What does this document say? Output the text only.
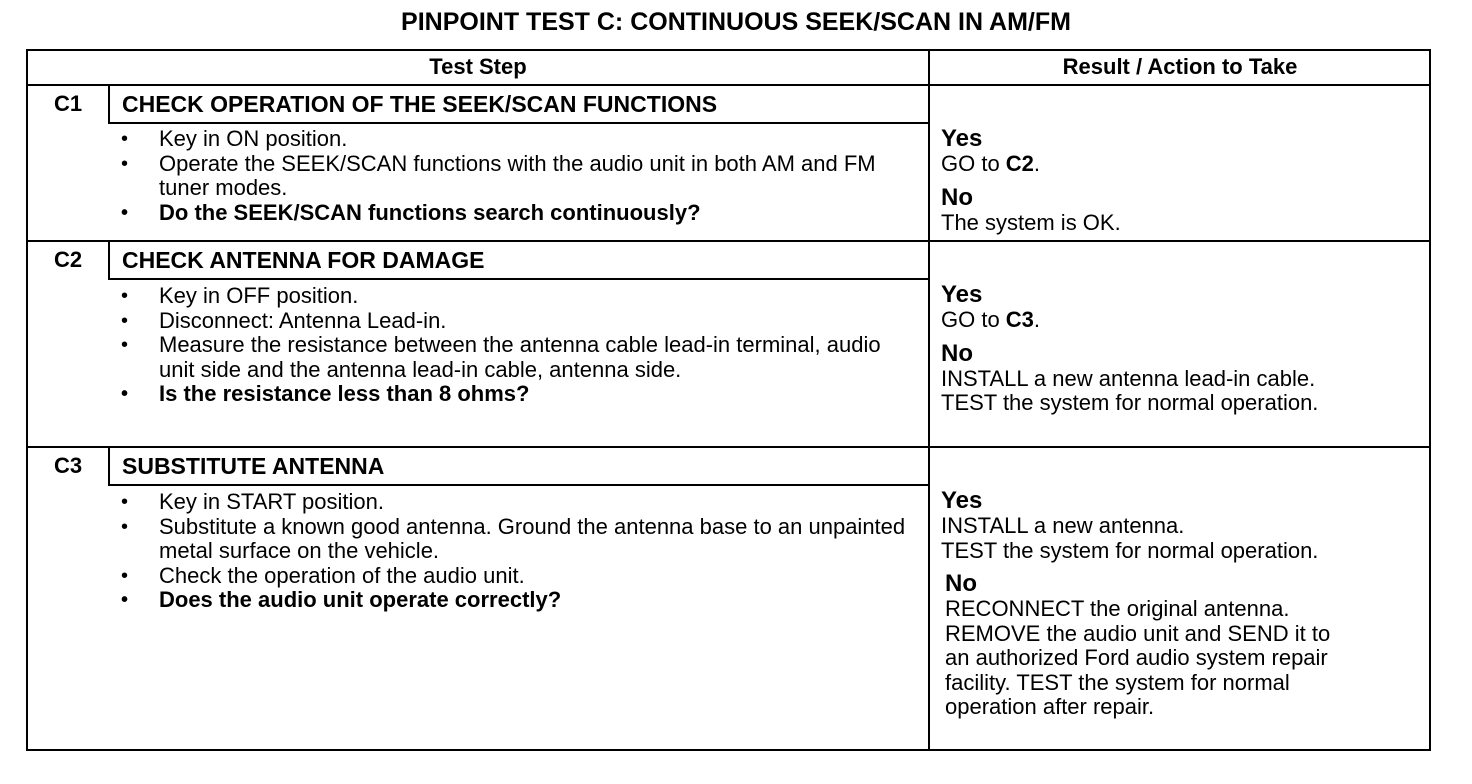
PINPOINT TEST C: CONTINUOUS SEEK/SCAN IN AM/FM
Test Step	Result / Action to Take
C1	CHECK OPERATION OF THE SEEK/SCAN FUNCTIONS
• Key in ON position.
• Operate the SEEK/SCAN functions with the audio unit in both AM and FM tuner modes.
• Do the SEEK/SCAN functions search continuously?
Yes
GO to C2.
No
The system is OK.
C2	CHECK ANTENNA FOR DAMAGE
• Key in OFF position.
• Disconnect: Antenna Lead-in.
• Measure the resistance between the antenna cable lead-in terminal, audio unit side and the antenna lead-in cable, antenna side.
• Is the resistance less than 8 ohms?
Yes
GO to C3.
No
INSTALL a new antenna lead-in cable.
TEST the system for normal operation.
C3	SUBSTITUTE ANTENNA
• Key in START position.
• Substitute a known good antenna. Ground the antenna base to an unpainted metal surface on the vehicle.
• Check the operation of the audio unit.
• Does the audio unit operate correctly?
Yes
INSTALL a new antenna.
TEST the system for normal operation.
No
RECONNECT the original antenna.
REMOVE the audio unit and SEND it to
an authorized Ford audio system repair
facility. TEST the system for normal
operation after repair.
